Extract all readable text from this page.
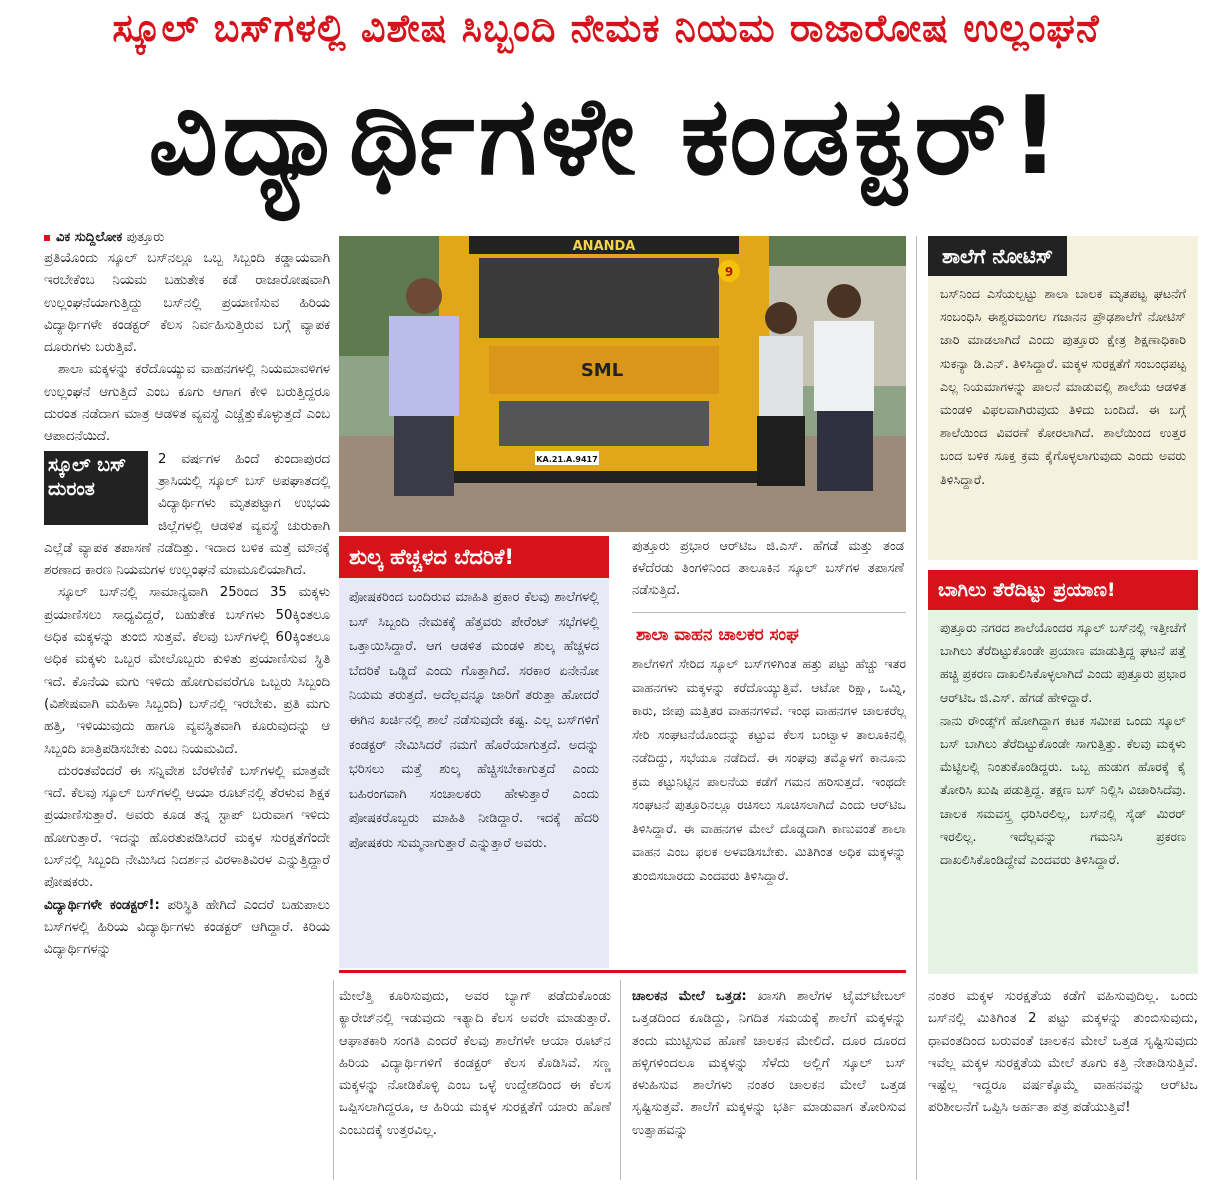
ಸ್ಕೂಲ್ ಬಸ್‌ಗಳಲ್ಲಿ ವಿಶೇಷ ಸಿಬ್ಬಂದಿ ನೇಮಕ ನಿಯಮ ರಾಜಾರೋಷ ಉಲ್ಲಂಘನೆ
ವಿದ್ಯಾರ್ಥಿಗಳೇ ಕಂಡಕ್ಟರ್!
ವಿಕ ಸುದ್ದಿಲೋಕ ಪುತ್ತೂರು

ಪ್ರತಿಯೊಂದು ಸ್ಕೂಲ್ ಬಸ್‌ನಲ್ಲೂ ಒಬ್ಬ ಸಿಬ್ಬಂದಿ ಕಡ್ಡಾಯವಾಗಿ ಇರಬೇಕೆಂಬ ನಿಯಮ ಬಹುತೇಕ ಕಡೆ ರಾಜಾರೋಷವಾಗಿ ಉಲ್ಲಂಘನೆಯಾಗುತ್ತಿದ್ದು ಬಸ್‌ನಲ್ಲಿ ಪ್ರಯಾಣಿಸುವ ಹಿರಿಯ ವಿದ್ಯಾರ್ಥಿಗಳೇ ಕಂಡಕ್ಟರ್ ಕೆಲಸ ನಿರ್ವಹಿಸುತ್ತಿರುವ ಬಗ್ಗೆ ವ್ಯಾಪಕ ದೂರುಗಳು ಬರುತ್ತಿವೆ.

ಶಾಲಾ ಮಕ್ಕಳನ್ನು ಕರೆದೊಯ್ಯುವ ವಾಹನಗಳಲ್ಲಿ ನಿಯಮಾವಳಿಗಳ ಉಲ್ಲಂಘನೆ ಆಗುತ್ತಿದೆ ಎಂಬ ಕೂಗು ಆಗಾಗ ಕೇಳಿ ಬರುತ್ತಿದ್ದರೂ ದುರಂತ ನಡೆದಾಗ ಮಾತ್ರ ಆಡಳಿತ ವ್ಯವಸ್ಥೆ ಎಚ್ಚೆತ್ತುಕೊಳ್ಳುತ್ತದೆ ಎಂಬ ಆಪಾದನೆಯಿದೆ.

ಸ್ಕೂಲ್ ಬಸ್ ದುರಂತ

2 ವರ್ಷಗಳ ಹಿಂದೆ ಕುಂದಾಪುರದ ತ್ರಾಸಿಯಲ್ಲಿ ಸ್ಕೂಲ್ ಬಸ್ ಅಪಘಾತದಲ್ಲಿ ವಿದ್ಯಾರ್ಥಿಗಳು ಮೃತಪಟ್ಟಾಗ ಉಭಯ ಜಿಲ್ಲೆಗಳಲ್ಲಿ ಆಡಳಿತ ವ್ಯವಸ್ಥೆ ಚುರುಕಾಗಿ ಎಲ್ಲೆಡೆ ವ್ಯಾಪಕ ತಪಾಸಣೆ ನಡೆದಿತ್ತು. ಇದಾದ ಬಳಿಕ ಮತ್ತೆ ಮೌನಕ್ಕೆ ಶರಣಾದ ಕಾರಣ ನಿಯಮಗಳ ಉಲ್ಲಂಘನೆ ಮಾಮೂಲಿಯಾಗಿದೆ.

ಸ್ಕೂಲ್ ಬಸ್‌ನಲ್ಲಿ ಸಾಮಾನ್ಯವಾಗಿ 25ರಿಂದ 35 ಮಕ್ಕಳು ಪ್ರಯಾಣಿಸಲು ಸಾಧ್ಯವಿದ್ದರೆ, ಬಹುತೇಕ ಬಸ್‌ಗಳು 50ಕ್ಕಿಂತಲೂ ಅಧಿಕ ಮಕ್ಕಳನ್ನು ತುಂಬಿ ಸುತ್ತವೆ. ಕೆಲವು ಬಸ್‌ಗಳಲ್ಲಿ 60ಕ್ಕಿಂತಲೂ ಅಧಿಕ ಮಕ್ಕಳು ಒಬ್ಬರ ಮೇಲೊಬ್ಬರು ಕುಳಿತು ಪ್ರಯಾಣಿಸುವ ಸ್ಥಿತಿ ಇದೆ. ಕೊನೆಯ ಮಗು ಇಳಿದು ಹೋಗುವವರೆಗೂ ಒಬ್ಬರು ಸಿಬ್ಬಂದಿ (ವಿಶೇಷವಾಗಿ ಮಹಿಳಾ ಸಿಬ್ಬಂದಿ) ಬಸ್‌ನಲ್ಲಿ ಇರಬೇಕು. ಪ್ರತಿ ಮಗು ಹತ್ತಿ, ಇಳಿಯುವುದು ಹಾಗೂ ವ್ಯವಸ್ಥಿತವಾಗಿ ಕೂರುವುದನ್ನು ಆ ಸಿಬ್ಬಂದಿ ಖಾತ್ರಿಪಡಿಸಬೇಕು ಎಂಬ ನಿಯಮವಿದೆ.

ದುರಂತವೆಂದರೆ ಈ ಸನ್ನಿವೇಶ ಬೆರಳೆಣಿಕೆ ಬಸ್‌ಗಳಲ್ಲಿ ಮಾತ್ರವೇ ಇದೆ. ಕೆಲವು ಸ್ಕೂಲ್ ಬಸ್‌ಗಳಲ್ಲಿ ಆಯಾ ರೂಟ್‌ನಲ್ಲಿ ತೆರಳುವ ಶಿಕ್ಷಕ ಪ್ರಯಾಣಿಸುತ್ತಾರೆ. ಅವರು ಕೂಡ ತನ್ನ ಸ್ಟಾಪ್ ಬರುವಾಗ ಇಳಿದು ಹೋಗುತ್ತಾರೆ. ಇದನ್ನು ಹೊರತುಪಡಿಸಿದರೆ ಮಕ್ಕಳ ಸುರಕ್ಷತೆಗೆಂದೇ ಬಸ್‌ನಲ್ಲಿ ಸಿಬ್ಬಂದಿ ನೇಮಿಸಿದ ನಿದರ್ಶನ ವಿರಳಾತಿವಿರಳ ಎನ್ನುತ್ತಿದ್ದಾರೆ ಪೋಷಕರು.

ವಿದ್ಯಾರ್ಥಿಗಳೇ ಕಂಡಕ್ಟರ್!: ಪರಿಸ್ಥಿತಿ ಹೇಗಿದೆ ಎಂದರೆ ಬಹುಪಾಲು ಬಸ್‌ಗಳಲ್ಲಿ ಹಿರಿಯ ವಿದ್ಯಾರ್ಥಿಗಳು ಕಂಡಕ್ಟರ್ ಆಗಿದ್ದಾರೆ. ಕಿರಿಯ ವಿದ್ಯಾರ್ಥಿಗಳನ್ನು

ANANDA
SML
KA.21.A.9417
9
ಶುಲ್ಕ ಹೆಚ್ಚಳದ ಬೆದರಿಕೆ!
ಪೋಷಕರಿಂದ ಬಂದಿರುವ ಮಾಹಿತಿ ಪ್ರಕಾರ ಕೆಲವು ಶಾಲೆಗಳಲ್ಲಿ ಬಸ್ ಸಿಬ್ಬಂದಿ ನೇಮಕಕ್ಕೆ ಹೆತ್ತವರು ಪೇರೆಂಟ್ ಸಭೆಗಳಲ್ಲಿ ಒತ್ತಾಯಿಸಿದ್ದಾರೆ. ಆಗ ಆಡಳಿತ ಮಂಡಳಿ ಶುಲ್ಕ ಹೆಚ್ಚಳದ ಬೆದರಿಕೆ ಒಡ್ಡಿದೆ ಎಂದು ಗೊತ್ತಾಗಿದೆ. ಸರಕಾರ ಏನೇನೋ ನಿಯಮ ತರುತ್ತದೆ. ಅದೆಲ್ಲವನ್ನೂ ಜಾರಿಗೆ ತರುತ್ತಾ ಹೋದರೆ ಈಗಿನ ಖರ್ಚಿನಲ್ಲಿ ಶಾಲೆ ನಡೆಸುವುದೇ ಕಷ್ಟ. ಎಲ್ಲ ಬಸ್‌ಗಳಿಗೆ ಕಂಡಕ್ಟರ್ ನೇಮಿಸಿದರೆ ನಮಗೆ ಹೊರೆಯಾಗುತ್ತದೆ. ಅದನ್ನು ಭರಿಸಲು ಮತ್ತೆ ಶುಲ್ಕ ಹೆಚ್ಚಿಸಬೇಕಾಗುತ್ತದೆ ಎಂದು ಬಹಿರಂಗವಾಗಿ ಸಂಚಾಲಕರು ಹೇಳುತ್ತಾರೆ ಎಂದು ಪೋಷಕರೊಬ್ಬರು ಮಾಹಿತಿ ನೀಡಿದ್ದಾರೆ. ಇದಕ್ಕೆ ಹೆದರಿ ಪೋಷಕರು ಸುಮ್ಮನಾಗುತ್ತಾರೆ ಎನ್ನುತ್ತಾರೆ ಅವರು.
ಪುತ್ತೂರು ಪ್ರಭಾರ ಆರ್‌ಟಿಒ ಜಿ.ಎಸ್. ಹೆಗಡೆ ಮತ್ತು ತಂಡ ಕಳೆದೆರಡು ತಿಂಗಳಿನಿಂದ ತಾಲೂಕಿನ ಸ್ಕೂಲ್ ಬಸ್‌ಗಳ ತಪಾಸಣೆ ನಡೆಸುತ್ತಿದೆ.
ಶಾಲಾ ವಾಹನ ಚಾಲಕರ ಸಂಘ
ಶಾಲೆಗಳಿಗೆ ಸೇರಿದ ಸ್ಕೂಲ್ ಬಸ್‌ಗಳಿಗಿಂತ ಹತ್ತು ಪಟ್ಟು ಹೆಚ್ಚು ಇತರ ವಾಹನಗಳು ಮಕ್ಕಳನ್ನು ಕರೆದೊಯ್ಯುತ್ತಿವೆ. ಆಟೋ ರಿಕ್ಷಾ, ಒಮ್ನಿ, ಕಾರು, ಜೀಪು ಮತ್ತಿತರ ವಾಹನಗಳಿವೆ. ಇಂಥ ವಾಹನಗಳ ಚಾಲಕರೆಲ್ಲ ಸೇರಿ ಸಂಘಟನೆಯೊಂದನ್ನು ಕಟ್ಟುವ ಕೆಲಸ ಬಂಟ್ವಾಳ ತಾಲೂಕಿನಲ್ಲಿ ನಡೆದಿದ್ದು, ಸಭೆಯೂ ನಡೆದಿದೆ. ಈ ಸಂಘವು ತಮ್ಮೊಳಗೆ ಕಾನೂನು ಕ್ರಮ ಕಟ್ಟುನಿಟ್ಟಿನ ಪಾಲನೆಯ ಕಡೆಗೆ ಗಮನ ಹರಿಸುತ್ತದೆ. ಇಂಥದೇ ಸಂಘಟನೆ ಪುತ್ತೂರಿನಲ್ಲೂ ರಚಿಸಲು ಸೂಚಿಸಲಾಗಿದೆ ಎಂದು ಆರ್‌ಟಿಒ ತಿಳಿಸಿದ್ದಾರೆ. ಈ ವಾಹನಗಳ ಮೇಲೆ ದೊಡ್ಡದಾಗಿ ಕಾಣುವಂತೆ ಶಾಲಾ ವಾಹನ ಎಂಬ ಫಲಕ ಅಳವಡಿಸಬೇಕು. ಮಿತಿಗಿಂತ ಅಧಿಕ ಮಕ್ಕಳನ್ನು ತುಂಬಿಸಬಾರದು ಎಂದವರು ತಿಳಿಸಿದ್ದಾರೆ.
ಶಾಲೆಗೆ ನೋಟಿಸ್
ಬಸ್‌ನಿಂದ ಎಸೆಯಲ್ಪಟ್ಟು ಶಾಲಾ ಬಾಲಕ ಮೃತಪಟ್ಟ ಘಟನೆಗೆ ಸಂಬಂಧಿಸಿ ಈಶ್ವರಮಂಗಲ ಗಜಾನನ ಪ್ರೌಢಶಾಲೆಗೆ ನೋಟಿಸ್ ಜಾರಿ ಮಾಡಲಾಗಿದೆ ಎಂದು ಪುತ್ತೂರು ಕ್ಷೇತ್ರ ಶಿಕ್ಷಣಾಧಿಕಾರಿ ಸುಕನ್ಯಾ ಡಿ.ಎನ್. ತಿಳಿಸಿದ್ದಾರೆ. ಮಕ್ಕಳ ಸುರಕ್ಷತೆಗೆ ಸಂಬಂಧಪಟ್ಟ ಎಲ್ಲ ನಿಯಮಾಗಳನ್ನು ಪಾಲನೆ ಮಾಡುವಲ್ಲಿ ಶಾಲೆಯ ಆಡಳಿತ ಮಂಡಳಿ ವಿಫಲವಾಗಿರುವುದು ತಿಳಿದು ಬಂದಿದೆ. ಈ ಬಗ್ಗೆ ಶಾಲೆಯಿಂದ ವಿವರಣೆ ಕೋರಲಾಗಿದೆ. ಶಾಲೆಯಿಂದ ಉತ್ತರ ಬಂದ ಬಳಿಕ ಸೂಕ್ತ ಕ್ರಮ ಕೈಗೊಳ್ಳಲಾಗುವುದು ಎಂದು ಅವರು ತಿಳಿಸಿದ್ದಾರೆ.
ಬಾಗಿಲು ತೆರೆದಿಟ್ಟು ಪ್ರಯಾಣ!

ಪುತ್ತೂರು ನಗರದ ಶಾಲೆಯೊಂದರ ಸ್ಕೂಲ್ ಬಸ್‌ನಲ್ಲಿ ಇತ್ತೀಚೆಗೆ ಬಾಗಿಲು ತೆರೆದಿಟ್ಟುಕೊಂಡೇ ಪ್ರಯಾಣ ಮಾಡುತ್ತಿದ್ದ ಘಟನೆ ಪತ್ತೆ ಹಚ್ಚಿ ಪ್ರಕರಣ ದಾಖಲಿಸಿಕೊಳ್ಳಲಾಗಿದೆ ಎಂದು ಪುತ್ತೂರು ಪ್ರಭಾರ ಆರ್‌ಟಿಒ ಜಿ.ಎಸ್. ಹೆಗಡೆ ಹೇಳಿದ್ದಾರೆ.

ನಾನು ರೌಂಡ್ಸ್‌ಗೆ ಹೋಗಿದ್ದಾಗ ಕಟಕ ಸಮೀಪ ಒಂದು ಸ್ಕೂಲ್ ಬಸ್ ಬಾಗಿಲು ತೆರೆದಿಟ್ಟುಕೊಂಡೇ ಸಾಗುತ್ತಿತ್ತು. ಕೆಲವು ಮಕ್ಕಳು ಮೆಟ್ಟಿಲಲ್ಲಿ ನಿಂತುಕೊಂಡಿದ್ದರು. ಒಬ್ಬ ಹುಡುಗ ಹೊರಕ್ಕೆ ಕೈ ತೋರಿಸಿ ಖುಷಿ ಪಡುತ್ತಿದ್ದ. ತಕ್ಷಣ ಬಸ್ ನಿಲ್ಲಿಸಿ ವಿಚಾರಿಸಿದೆವು. ಚಾಲಕ ಸಮವಸ್ತ್ರ ಧರಿಸಿರಲಿಲ್ಲ, ಬಸ್‌ನಲ್ಲಿ ಸೈಡ್ ಮಿರರ್ ಇರಲಿಲ್ಲ. ಇದೆಲ್ಲವನ್ನು ಗಮನಿಸಿ ಪ್ರಕರಣ ದಾಖಲಿಸಿಕೊಂಡಿದ್ದೇವೆ ಎಂದವರು ತಿಳಿಸಿದ್ದಾರೆ.

ಮೇಲೆತ್ತಿ ಕೂರಿಸುವುದು, ಅವರ ಬ್ಯಾಗ್ ಪಡೆದುಕೊಂಡು ಕ್ಯಾರೇಜ್‌ನಲ್ಲಿ ಇಡುವುದು ಇತ್ಯಾದಿ ಕೆಲಸ ಅವರೇ ಮಾಡುತ್ತಾರೆ. ಆಘಾತಕಾರಿ ಸಂಗತಿ ಎಂದರೆ ಕೆಲವು ಶಾಲೆಗಳೇ ಆಯಾ ರೂಟ್‌ನ ಹಿರಿಯ ವಿದ್ಯಾರ್ಥಿಗಳಿಗೆ ಕಂಡಕ್ಟರ್ ಕೆಲಸ ಕೊಡಿಸಿವೆ. ಸಣ್ಣ ಮಕ್ಕಳನ್ನು ನೋಡಿಕೊಳ್ಳಿ ಎಂಬ ಒಳ್ಳೆ ಉದ್ದೇಶದಿಂದ ಈ ಕೆಲಸ ಒಪ್ಪಿಸಲಾಗಿದ್ದರೂ, ಆ ಹಿರಿಯ ಮಕ್ಕಳ ಸುರಕ್ಷತೆಗೆ ಯಾರು ಹೊಣೆ ಎಂಬುದಕ್ಕೆ ಉತ್ತರವಿಲ್ಲ.
ಚಾಲಕನ ಮೇಲೆ ಒತ್ತಡ: ಖಾಸಗಿ ಶಾಲೆಗಳ ಟೈಮ್‌ಟೇಬಲ್ ಒತ್ತಡದಿಂದ ಕೂಡಿದ್ದು, ನಿಗದಿತ ಸಮಯಕ್ಕೆ ಶಾಲೆಗೆ ಮಕ್ಕಳನ್ನು ತಂದು ಮುಟ್ಟಿಸುವ ಹೊಣೆ ಚಾಲಕನ ಮೇಲಿದೆ. ದೂರ ದೂರದ ಹಳ್ಳಿಗಳಿಂದಲೂ ಮಕ್ಕಳನ್ನು ಸೆಳೆದು ಅಲ್ಲಿಗೆ ಸ್ಕೂಲ್ ಬಸ್ ಕಳುಹಿಸುವ ಶಾಲೆಗಳು ನಂತರ ಚಾಲಕನ ಮೇಲೆ ಒತ್ತಡ ಸೃಷ್ಟಿಸುತ್ತವೆ. ಶಾಲೆಗೆ ಮಕ್ಕಳನ್ನು ಭರ್ತಿ ಮಾಡುವಾಗ ತೋರಿಸುವ ಉತ್ಸಾಹವನ್ನು
ನಂತರ ಮಕ್ಕಳ ಸುರಕ್ಷತೆಯ ಕಡೆಗೆ ವಹಿಸುವುದಿಲ್ಲ. ಒಂದು ಬಸ್‌ನಲ್ಲಿ ಮಿತಿಗಿಂತ 2 ಪಟ್ಟು ಮಕ್ಕಳನ್ನು ತುಂಬಿಸುವುದು, ಧಾವಂತದಿಂದ ಬರುವಂತೆ ಚಾಲಕನ ಮೇಲೆ ಒತ್ತಡ ಸೃಷ್ಟಿಸುವುದು ಇವೆಲ್ಲ ಮಕ್ಕಳ ಸುರಕ್ಷತೆಯ ಮೇಲೆ ತೂಗು ಕತ್ತಿ ನೇತಾಡಿಸುತ್ತಿವೆ. ಇಷ್ಟೆಲ್ಲ ಇದ್ದರೂ ವರ್ಷಕ್ಕೊಮ್ಮೆ ವಾಹನವನ್ನು ಆರ್‌ಟಿಒ ಪರಿಶೀಲನೆಗೆ ಒಪ್ಪಿಸಿ ಅರ್ಹತಾ ಪತ್ರ ಪಡೆಯುತ್ತಿವೆ!
